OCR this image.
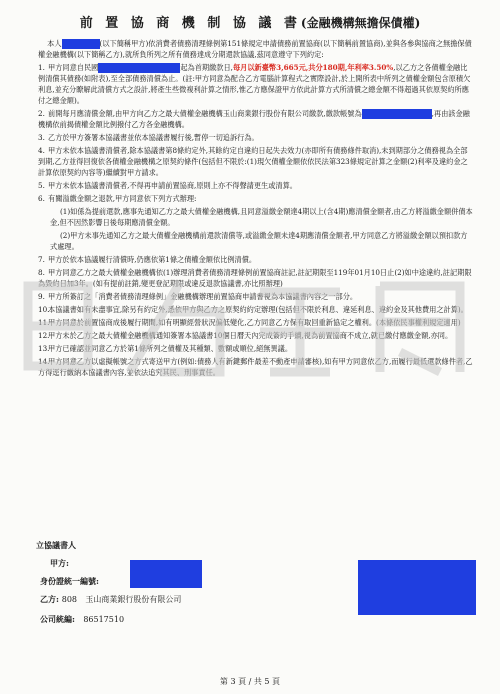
前 置 協 商 機 制 協 議 書(金融機構無擔保債權)

本人	(以下簡稱甲方)依消費者債務清理條例第151條規定申請債務前置協商(以下簡稱前置協商),並與各參與協商之無擔保債權金融機構(以下簡稱乙方),就所負所列之所有債務達成分期還款協議,茲同意遵守下列約定:

1. 甲方同意自民國	起為首期繳款日,每月以新臺幣3,665元,共分180期,年利率3.50%,以乙方之各債權金融比例清償其債務(如附表),至全部債務清償為止。(註:甲方同意為配合乙方電腦計算程式之實際設計,於上開所表中所列之債權金額包含原積欠利息,並充分瞭解此清償方式之設計,將產生些微複利計算之情形,惟乙方應保證甲方依此計算方式所清償之總金額不得超過其依原契約所應付之總金額)。

2. 前開每月應清償金額,由甲方向乙方之最大債權金融機構玉山商業銀行股份有限公司繳款,繳款帳號為	,再由該金融機構依前揭債權金額比例撥付乙方各金融機構。

3. 乙方於甲方簽署本協議書並依本協議書履行後,暫停一切追訴行為。

4. 甲方未依本協議書清償者,除本協議書第8條約定外,其餘約定自違約日起失去效力(亦即所有債務條件取消),未到期部分之債務視為全部到期,乙方並得回復依各債權金融機構之原契約條件(包括但不限於:(1)現欠債權金額依依民法第323條規定計算之金額(2)利率及違約金之計算依原契約內容等)繼續對甲方請求。

5. 甲方未依本協議書清償者,不得再申請前置協商,原則上亦不得聲請更生或清算。

6. 有關溢繳金額之退款,甲方同意依下列方式辦理:

(1)如係為提前還款,應事先通知乙方之最大債權金融機構,且同意溢繳金額達4期以上(含4期)應清償金額者,由乙方將溢繳金額併債本金,但不因然影響日後每期應清償金額。

(2)甲方未事先通知乙方之最大債權金融機構前還款清償等,或溢繳金額未達4期應清償金額者,甲方同意乙方將溢繳金額以預扣款方式處理。

7. 甲方於依本協議履行清償時,仍應依第1條之債權金額依比例清償。

8. 甲方同意乙方之最大債權金融機構依(1)辦理消費者債務清理條例前置協商註記,註記期限至119年01月10日止(2)如中途違約,註記期限為毀約日加3年。(如有提前註銷,變更登記期限或違反退款協議書,亦比照辦理)

9. 甲方所簽訂之「消費者債務清理條例」金融機構辦理前置協商申請書視為本協議書內容之一部分。

10.本協議書如有未盡事宜,除另有約定外,悉依甲方與乙方之原契約約定辦理(包括但不限於利息、違延利息、違約金及其他費用之計算)。

11.甲方同意於前置協商成後履行期間,如有明顯經營狀況偏低變化,乙方同意乙方保有取回重新協定之權利。(本條依民事權利規定適用)

12.甲方未於乙方之最大債權金融機構通知簽署本協議書10個日曆天內完成簽約手續,視為前置協商不成立,就已繳付應繳金額,亦同。

13.甲方已確認並同意乙方於第1條所列之債權及其種類、數額或順位,絕無異議。

14.甲方同意乙方以虛擬帳號之方式寄送甲方(例如:債務人有新鍵郵件最差不動產申請審核),如有甲方同意依乙方,而履行最低還款條件者,乙方得逕行繳納本協議書內容,並依法追究其民、刑事責任。

立協議書人
甲方:
身份證統一編號:
乙方: 808 玉山商業銀行股份有限公司
公司統編: 86517510
第 3 頁 / 共 5 頁
